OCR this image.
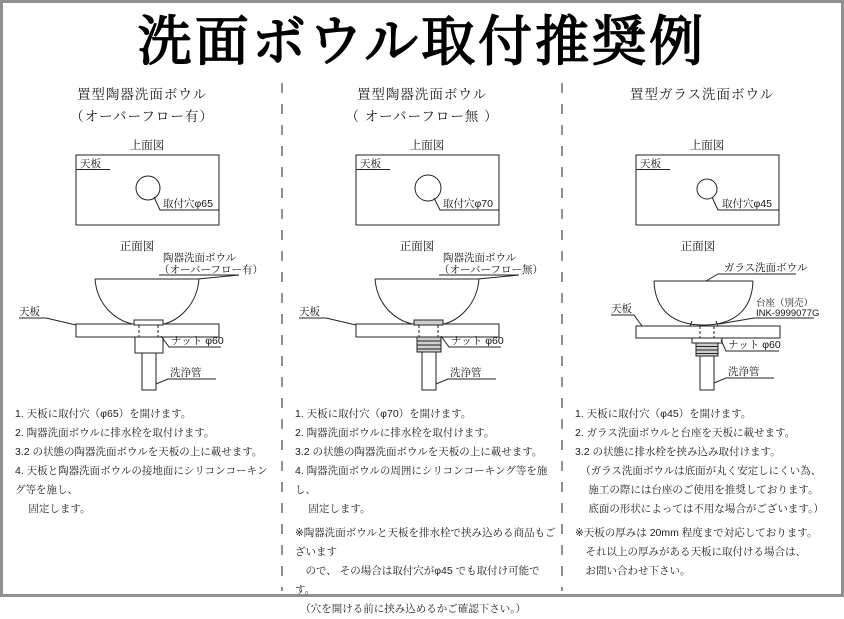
洗面ボウル取付推奨例
置型陶器洗面ボウル
（オーバーフロー有）
上面図
天板
取付穴φ65
正面図
陶器洗面ボウル
（オーバーフロー有）
天板
ナット φ60
洗浄管
1. 天板に取付穴（φ65）を開けます。
2. 陶器洗面ボウルに排水栓を取付けます。
3.2 の状態の陶器洗面ボウルを天板の上に載せます。
4. 天板と陶器洗面ボウルの接地面にシリコンコーキング等を施し、
　 固定します。
置型陶器洗面ボウル
（ オーバーフロー無 ）
上面図
天板
取付穴φ70
正面図
陶器洗面ボウル
（オーバーフロー無）
天板
ナット φ60
洗浄管
1. 天板に取付穴（φ70）を開けます。
2. 陶器洗面ボウルに排水栓を取付けます。
3.2 の状態の陶器洗面ボウルを天板の上に載せます。
4. 陶器洗面ボウルの周囲にシリコンコーキング等を施し、
　 固定します。
※陶器洗面ボウルと天板を排水栓で挟み込める商品もございます
　ので、 その場合は取付穴がφ45 でも取付け可能です。
　（穴を開ける前に挟み込めるかご確認下さい。）
置型ガラス洗面ボウル
上面図
天板
取付穴φ45
正面図
ガラス洗面ボウル
台座（別売）
INK-9999077G
天板
ナット φ60
洗浄管
1. 天板に取付穴（φ45）を開けます。
2. ガラス洗面ボウルと台座を天板に載せます。
3.2 の状態に排水栓を挟み込み取付けます。
　（ガラス洗面ボウルは底面が丸く安定しにくい為、
　 施工の際には台座のご使用を推奨しております。
　 底面の形状によっては不用な場合がございます。）
※天板の厚みは 20mm 程度まで対応しております。
　それ以上の厚みがある天板に取付ける場合は、
　お問い合わせ下さい。
